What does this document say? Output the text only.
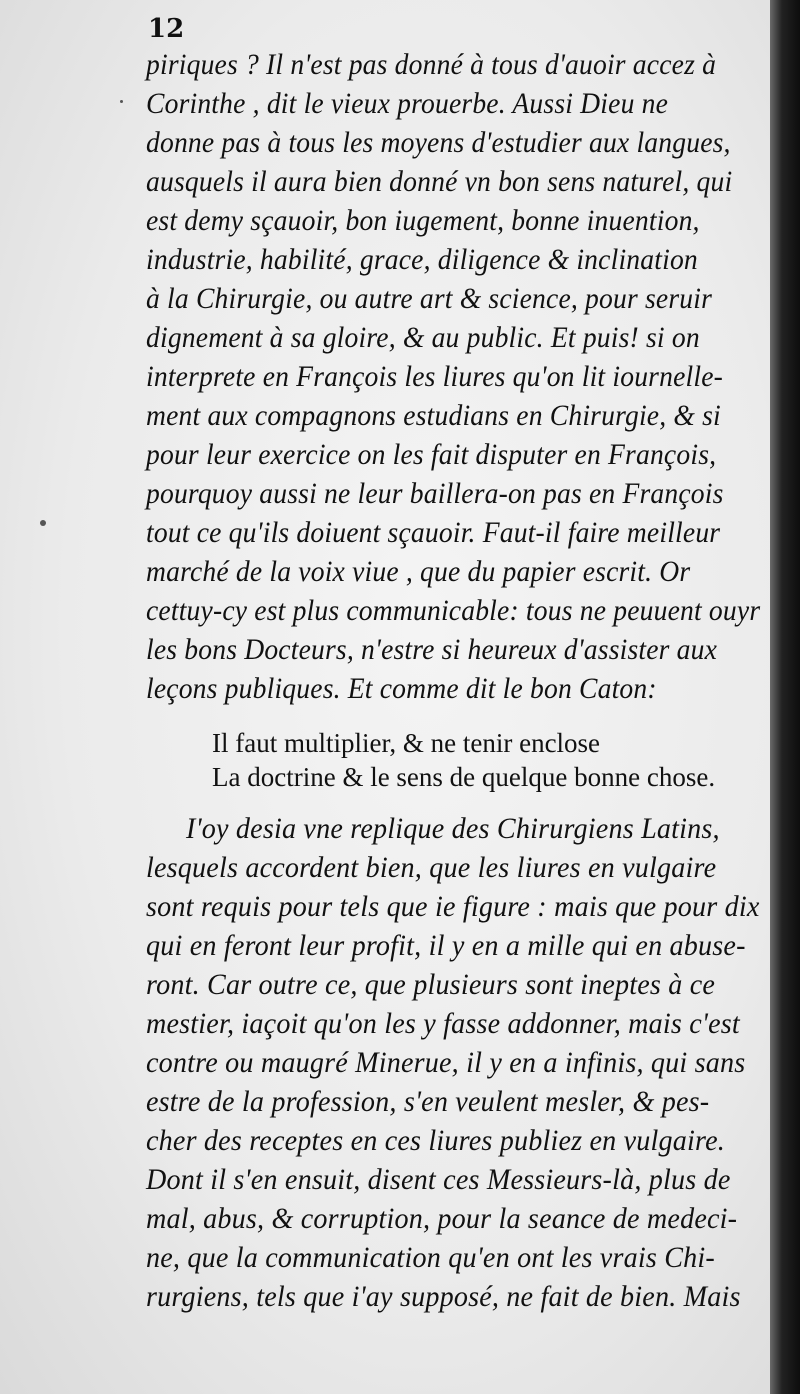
12
piriques ? Il n'est pas donné à tous d'auoir accez à
Corinthe , dit le vieux prouerbe. Aussi Dieu ne
donne pas à tous les moyens d'estudier aux langues,
ausquels il aura bien donné vn bon sens naturel, qui
est demy sçauoir, bon iugement, bonne inuention,
industrie, habilité, grace, diligence & inclination
à la Chirurgie, ou autre art & science, pour seruir
dignement à sa gloire, & au public. Et puis! si on
interprete en François les liures qu'on lit iournelle-
ment aux compagnons estudians en Chirurgie, & si
pour leur exercice on les fait disputer en François,
pourquoy aussi ne leur baillera-on pas en François
tout ce qu'ils doiuent sçauoir. Faut-il faire meilleur
marché de la voix viue , que du papier escrit. Or
cettuy-cy est plus communicable: tous ne peuuent ouyr
les bons Docteurs, n'estre si heureux d'assister aux
leçons publiques. Et comme dit le bon Caton:
Il faut multiplier, & ne tenir enclose
La doctrine & le sens de quelque bonne chose.
I'oy desia vne replique des Chirurgiens Latins,
lesquels accordent bien, que les liures en vulgaire
sont requis pour tels que ie figure : mais que pour dix
qui en feront leur profit, il y en a mille qui en abuse-
ront. Car outre ce, que plusieurs sont ineptes à ce
mestier, iaçoit qu'on les y fasse addonner, mais c'est
contre ou maugré Minerue, il y en a infinis, qui sans
estre de la profession, s'en veulent mesler, & pes-
cher des receptes en ces liures publiez en vulgaire.
Dont il s'en ensuit, disent ces Messieurs-là, plus de
mal, abus, & corruption, pour la seance de medeci-
ne, que la communication qu'en ont les vrais Chi-
rurgiens, tels que i'ay supposé, ne fait de bien. Mais
